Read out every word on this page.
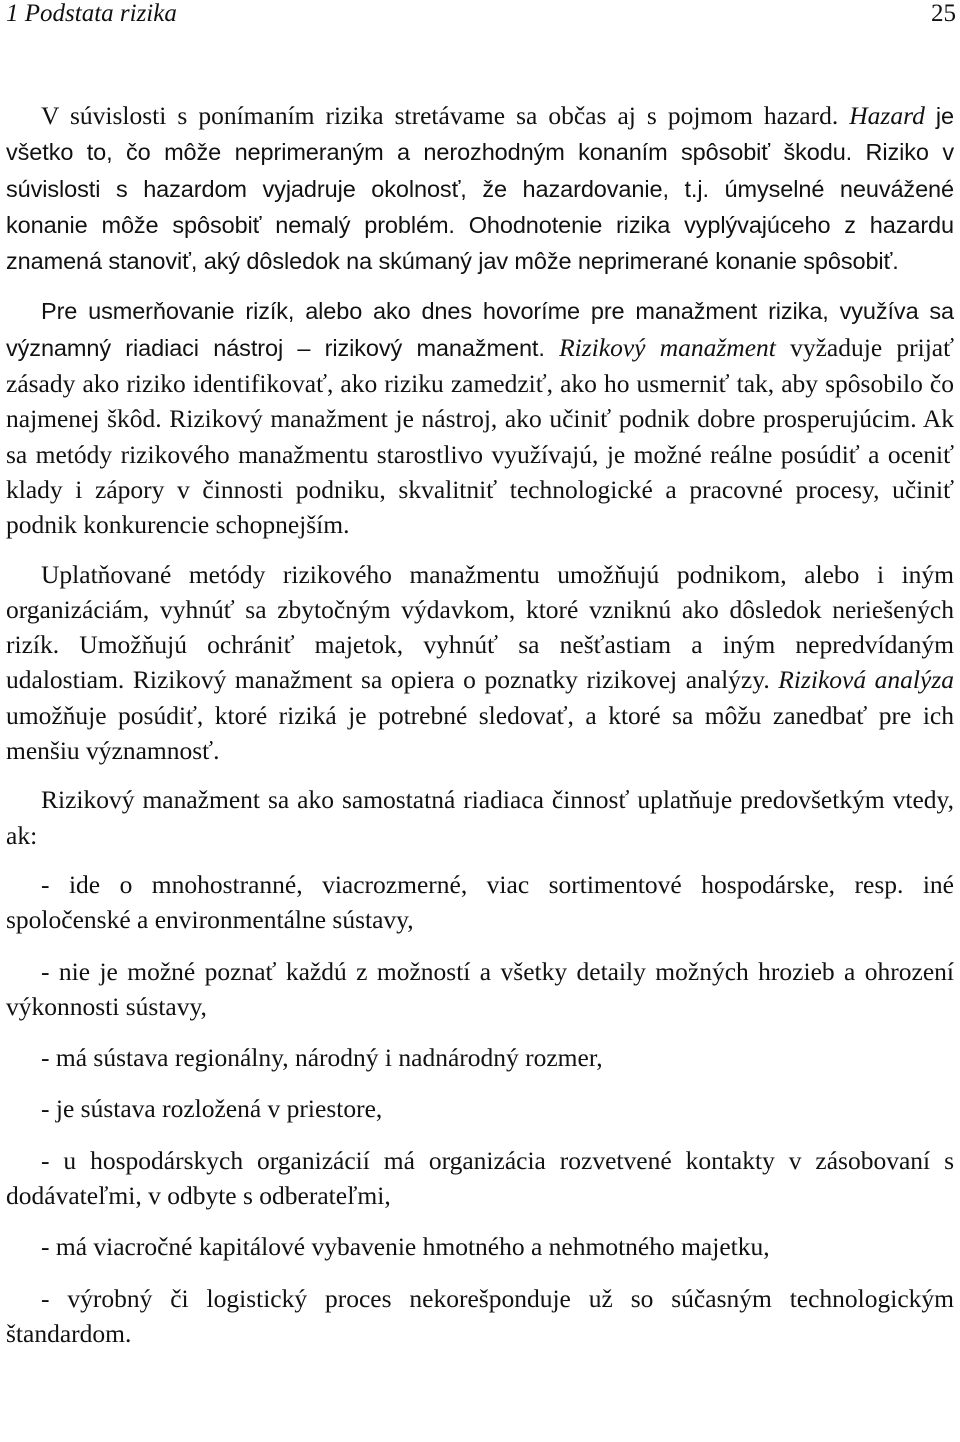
1 Podstata rizika	25

V súvislosti s ponímaním rizika stretávame sa občas aj s pojmom hazard. Hazard je všetko to, čo môže neprimeraným a nerozhodným konaním spôsobiť škodu. Riziko v súvislosti s hazardom vyjadruje okolnosť, že hazardovanie, t.j. úmyselné neuvážené konanie môže spôsobiť nemalý problém. Ohodnotenie rizika vyplývajúceho z hazardu znamená stanoviť, aký dôsledok na skúmaný jav môže neprimerané konanie spôsobiť.

Pre usmerňovanie rizík, alebo ako dnes hovoríme pre manažment rizika, využíva sa významný riadiaci nástroj – rizikový manažment. Rizikový manažment vyžaduje prijať zásady ako riziko identifikovať, ako riziku zamedziť, ako ho usmerniť tak, aby spôsobilo čo najmenej škôd. Rizikový manažment je nástroj, ako učiniť podnik dobre prosperujúcim. Ak sa metódy rizikového manažmentu starostlivo využívajú, je možné reálne posúdiť a oceniť klady i zápory v činnosti podniku, skvalitniť technologické a pracovné procesy, učiniť podnik konkurencie schopnejším.

Uplatňované metódy rizikového manažmentu umožňujú podnikom, alebo i iným organizáciám, vyhnúť sa zbytočným výdavkom, ktoré vzniknú ako dôsledok neriešených rizík. Umožňujú ochrániť majetok, vyhnúť sa nešťastiam a iným nepredvídaným udalostiam. Rizikový manažment sa opiera o poznatky rizikovej analýzy. Riziková analýza umožňuje posúdiť, ktoré riziká je potrebné sledovať, a ktoré sa môžu zanedbať pre ich menšiu významnosť.

Rizikový manažment sa ako samostatná riadiaca činnosť uplatňuje predovšetkým vtedy, ak:

- ide o mnohostranné, viacrozmerné, viac sortimentové hospodárske, resp. iné spoločenské a environmentálne sústavy,

- nie je možné poznať každú z možností a všetky detaily možných hrozieb a ohrození výkonnosti sústavy,

- má sústava regionálny, národný i nadnárodný rozmer,

- je sústava rozložená v priestore,

- u hospodárskych organizácií má organizácia rozvetvené kontakty v zásobovaní s dodávateľmi, v odbyte s odberateľmi,

- má viacročné kapitálové vybavenie hmotného a nehmotného majetku,

- výrobný či logistický proces nekorešponduje už so súčasným technologickým štandardom.
